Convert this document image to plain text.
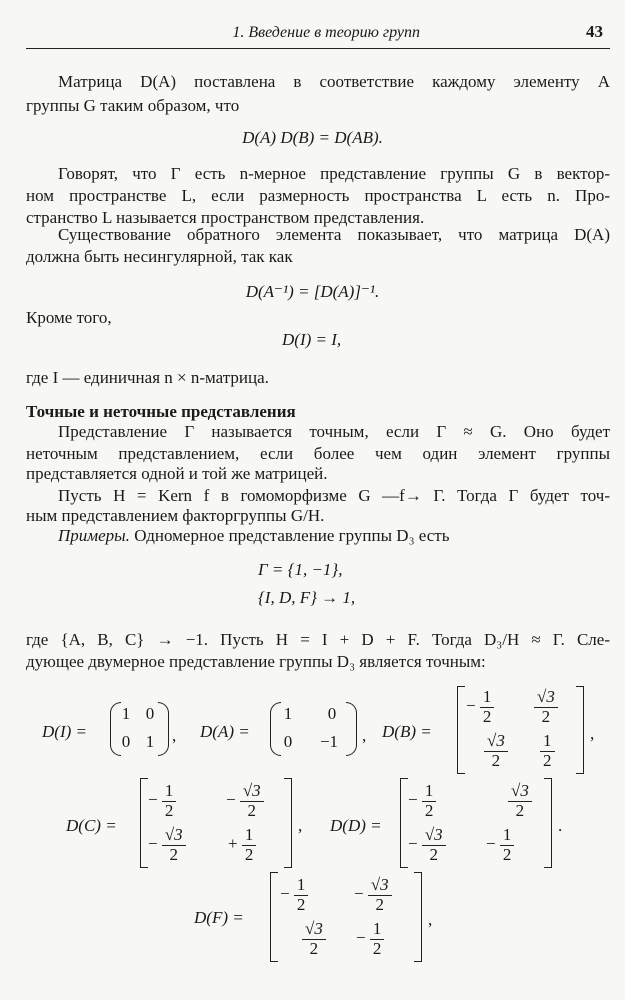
1. Введение в теорию групп	43
Матрица D(A) поставлена в соответствие каждому элементу A
группы G таким образом, что
D(A) D(B) = D(AB).
Говорят, что Γ есть n-мерное представление группы G в вектор-
ном пространстве L, если размерность пространства L есть n. Про-
странство L называется пространством представления.
Существование обратного элемента показывает, что матрица D(A)
должна быть несингулярной, так как
D(A⁻¹) = [D(A)]⁻¹.
Кроме того,
D(I) = I,
где I — единичная n × n-матрица.
Точные и неточные представления
Представление Γ называется точным, если Γ ≈ G. Оно будет
неточным представлением, если более чем один элемент группы
представляется одной и той же матрицей.
Пусть H = Kern f в гомоморфизме G —f→ Γ. Тогда Γ будет точ-
ным представлением факторгруппы G/H.
Примеры. Одномерное представление группы D₃ есть
Γ = {1, −1},
{I, D, F} → 1,
где {A, B, C} → −1. Пусть H = I + D + F. Тогда D₃/H ≈ Γ. Сле-
дующее двумерное представление группы D₃ является точным:
D(I) =
1 0
0 1 , D(A) =
1	0
0	−1	, D(B) =
− $\frac{1}{2} \frac{√3}{2}$
$\frac{√3}{2} \frac{1}{2}$ ,
D(C) =
− $\frac{1}{2}$	− $\frac{√3}{2}$
− $\frac{√3}{2} + \frac{1}{2}$
, D(D) =
− $\frac{1}{2}$	$\frac{√3}{2}$
− $\frac{√3}{2} - \frac{1}{2}$
.
D(F) =
− $\frac{1}{2}$	− $\frac{√3}{2}$
$\frac{√3}{2} - \frac{1}{2}$
,
